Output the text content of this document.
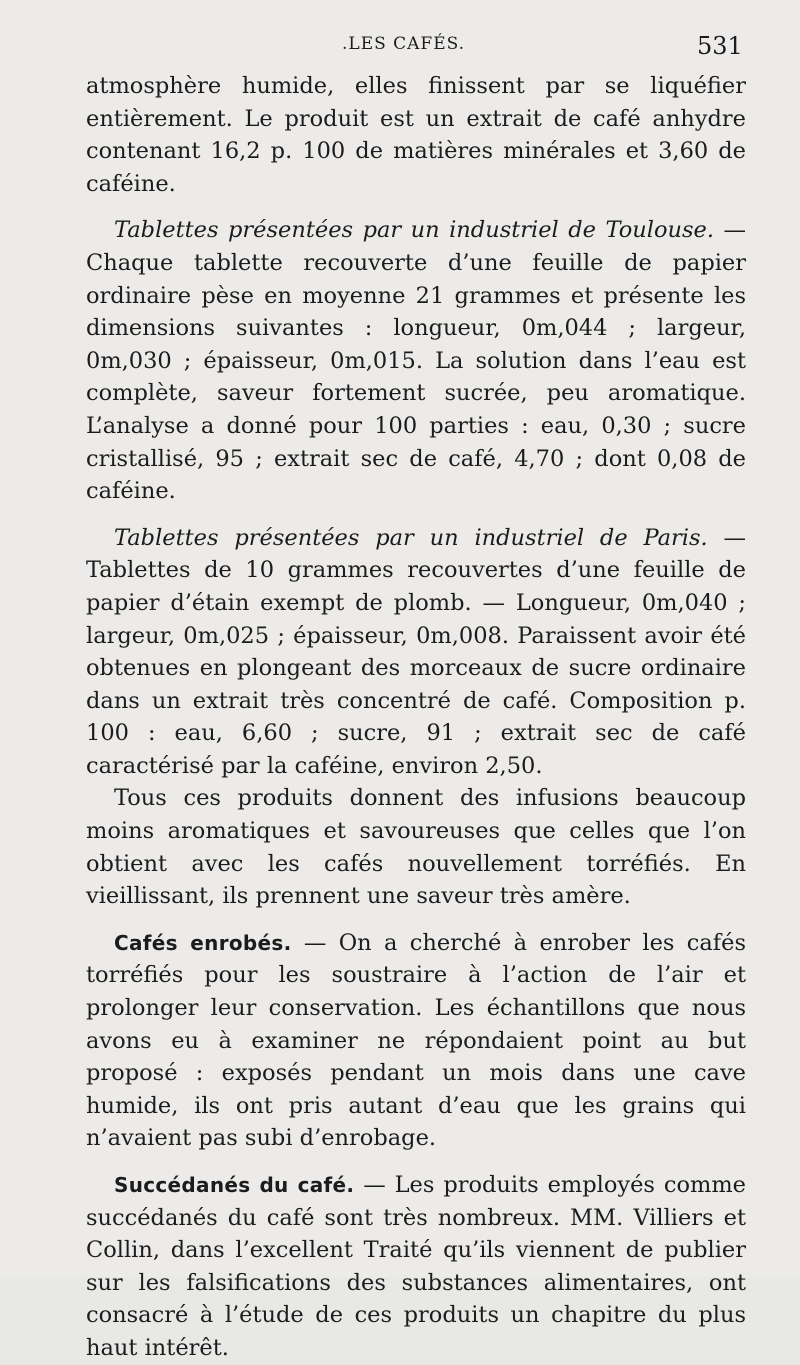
.LES CAFÉS.	531

atmosphère humide, elles finissent par se liquéfier entièrement. Le produit est un extrait de café anhydre contenant 16,2 p. 100 de matières minérales et 3,60 de caféine.

Tablettes présentées par un industriel de Toulouse. — Chaque tablette recouverte d’une feuille de papier ordinaire pèse en moyenne 21 grammes et présente les dimensions suivantes : longueur, 0m,044 ; largeur, 0m,030 ; épaisseur, 0m,015. La solution dans l’eau est complète, saveur fortement sucrée, peu aromatique. L’analyse a donné pour 100 parties : eau, 0,30 ; sucre cristallisé, 95 ; extrait sec de café, 4,70 ; dont 0,08 de caféine.

Tablettes présentées par un industriel de Paris. — Tablettes de 10 grammes recouvertes d’une feuille de papier d’étain exempt de plomb. — Longueur, 0m,040 ; largeur, 0m,025 ; épaisseur, 0m,008. Paraissent avoir été obtenues en plongeant des morceaux de sucre ordinaire dans un extrait très concentré de café. Composition p. 100 : eau, 6,60 ; sucre, 91 ; extrait sec de café caractérisé par la caféine, environ 2,50.

Tous ces produits donnent des infusions beaucoup moins aromatiques et savoureuses que celles que l’on obtient avec les cafés nouvellement torréfiés. En vieillissant, ils prennent une saveur très amère.

Cafés enrobés. — On a cherché à enrober les cafés torréfiés pour les soustraire à l’action de l’air et prolonger leur conservation. Les échantillons que nous avons eu à examiner ne répondaient point au but proposé : exposés pendant un mois dans une cave humide, ils ont pris autant d’eau que les grains qui n’avaient pas subi d’enrobage.

Succédanés du café. — Les produits employés comme succédanés du café sont très nombreux. MM. Villiers et Collin, dans l’excellent Traité qu’ils viennent de publier sur les falsifications des substances alimentaires, ont consacré à l’étude de ces produits un chapitre du plus haut intérêt.
